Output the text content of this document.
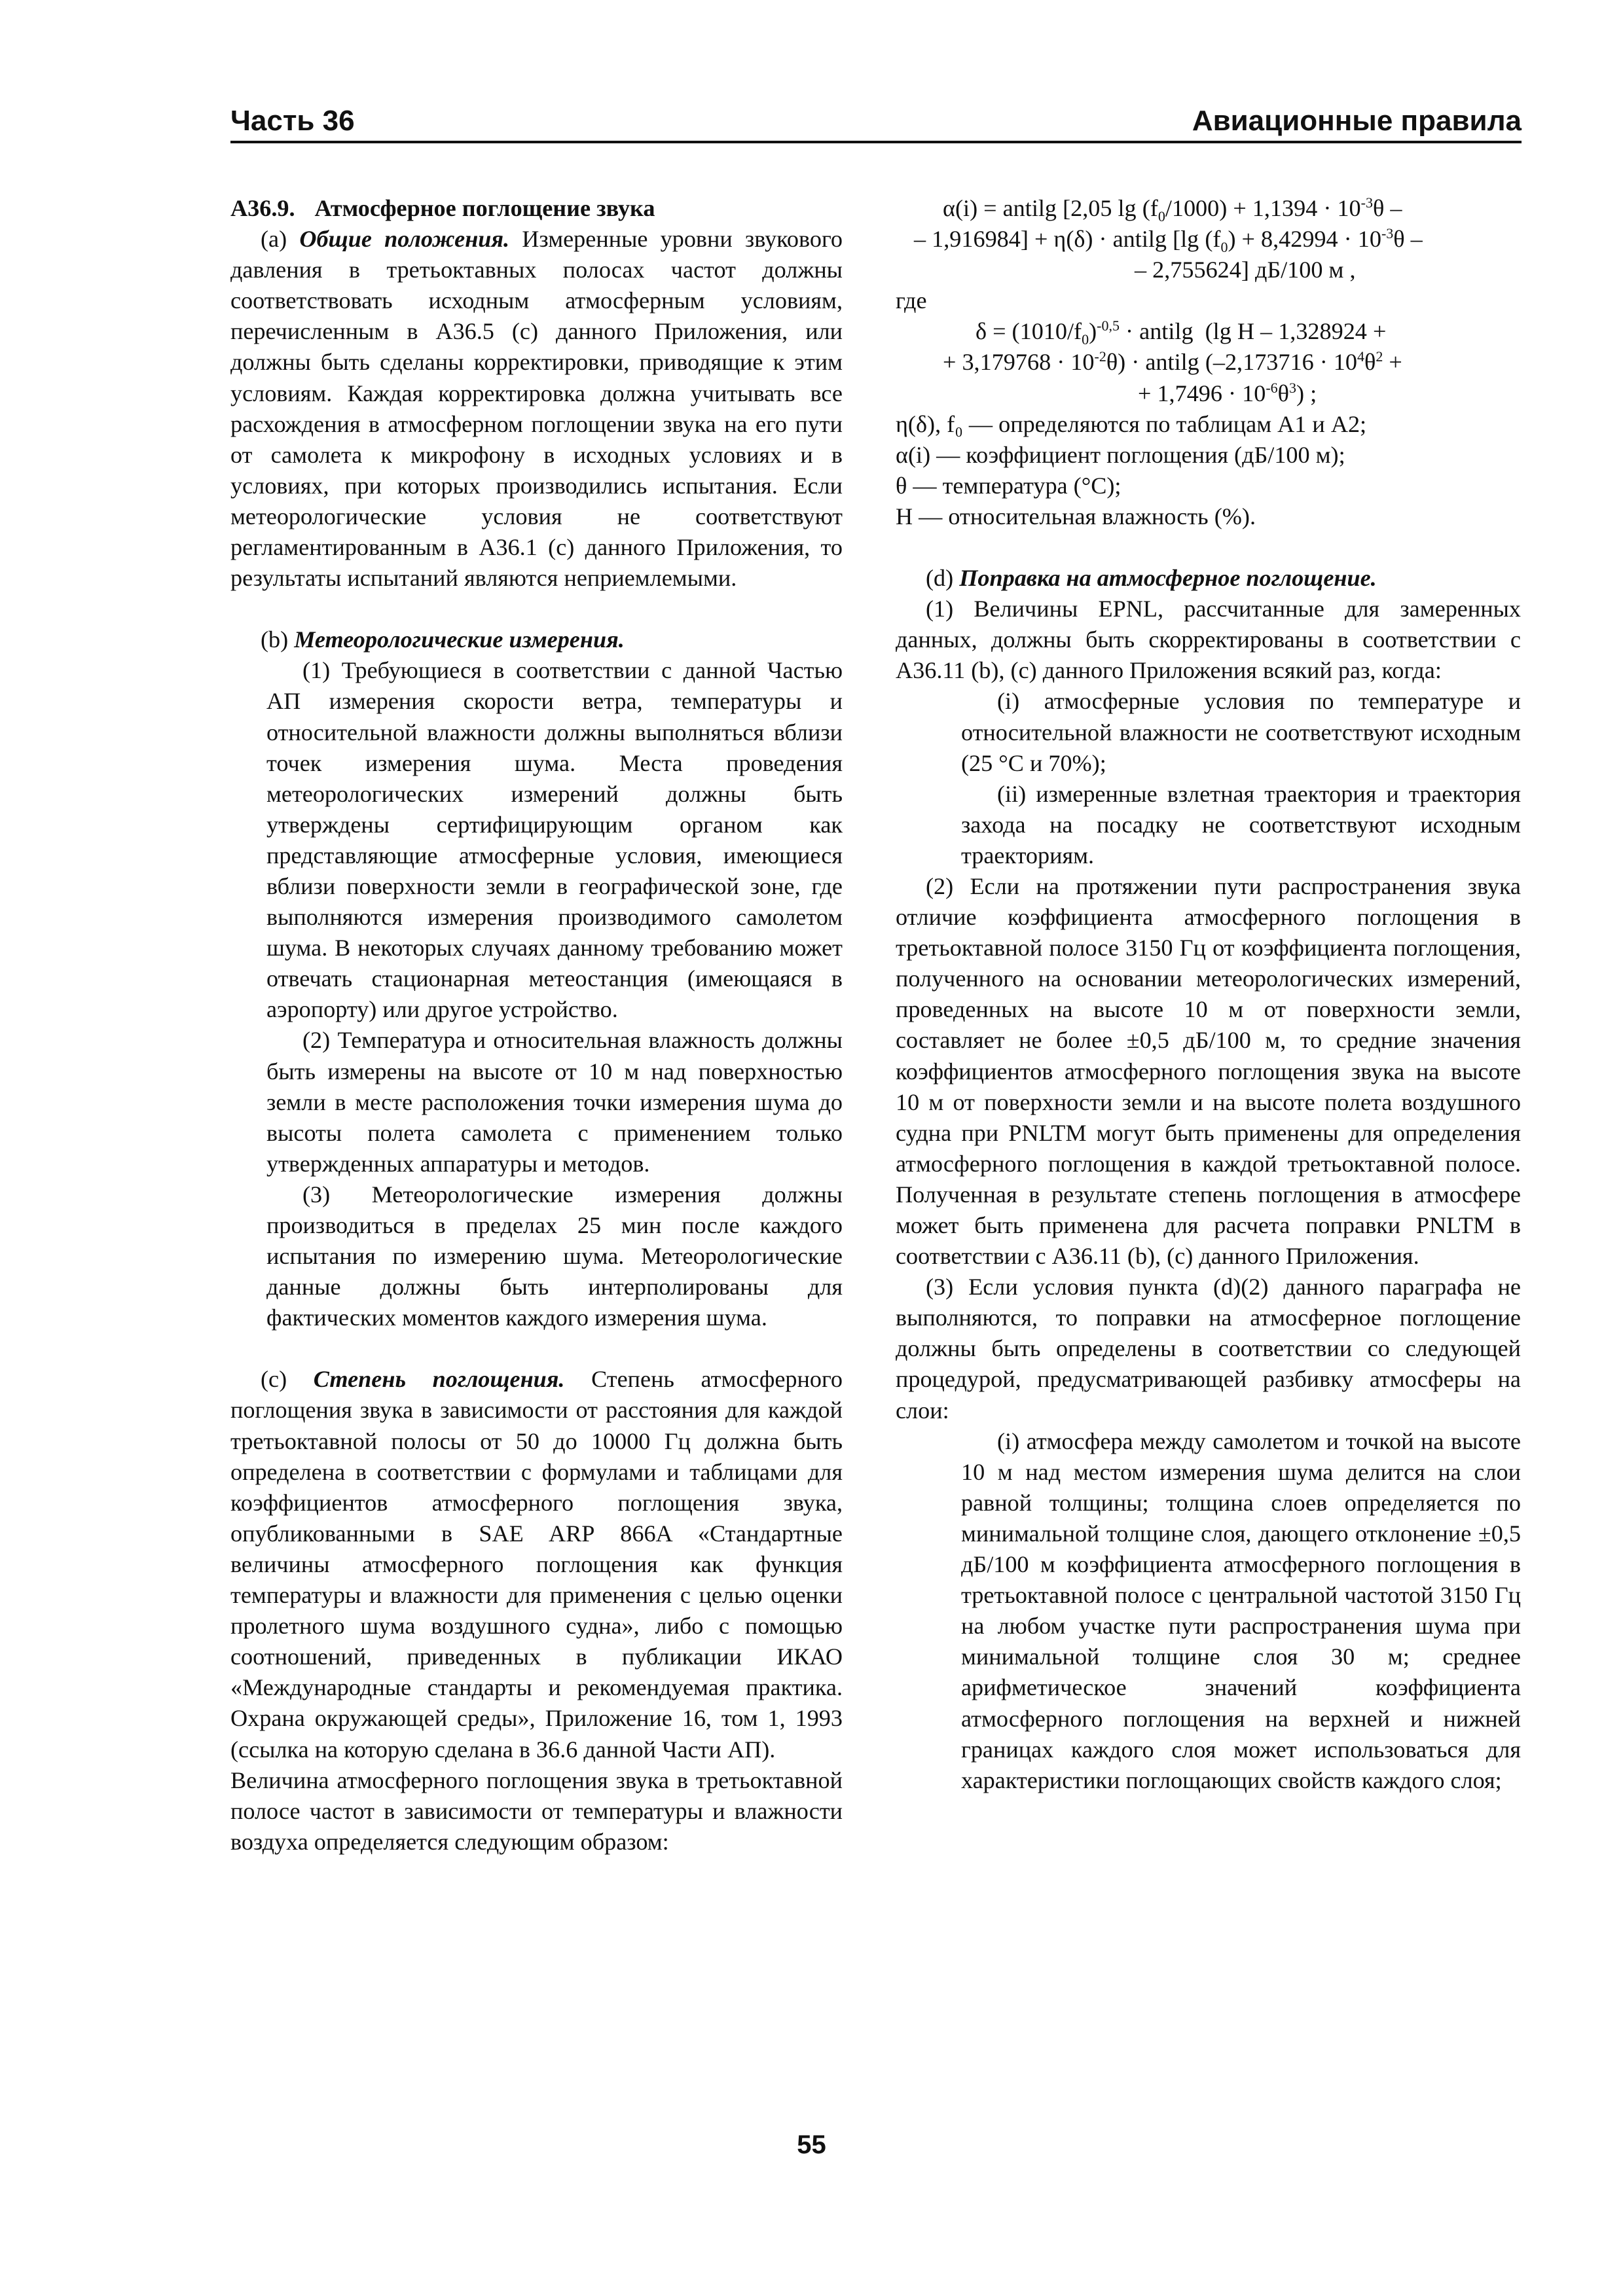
Часть 36	Авиационные правила

A36.9. Атмосферное поглощение звука

(a) Общие положения. Измеренные уровни звукового давления в третьоктавных полосах частот должны соответствовать исходным атмосферным условиям, перечисленным в A36.5 (с) данного Приложения, или должны быть сделаны корректировки, приводящие к этим условиям. Каждая корректировка должна учитывать все расхождения в атмосферном поглощении звука на его пути от самолета к микрофону в исходных условиях и в условиях, при которых производились испытания. Если метеорологические условия не соответствуют регламентированным в A36.1 (с) данного Приложения, то результаты испытаний являются неприемлемыми.

(b) Метеорологические измерения.

(1) Требующиеся в соответствии с данной Частью АП измерения скорости ветра, температуры и относительной влажности должны выполняться вблизи точек измерения шума. Места проведения метеорологических измерений должны быть утверждены сертифицирующим органом как представляющие атмосферные условия, имеющиеся вблизи поверхности земли в географической зоне, где выполняются измерения производимого самолетом шума. В некоторых случаях данному требованию может отвечать стационарная метеостанция (имеющаяся в аэропорту) или другое устройство.

(2) Температура и относительная влажность должны быть измерены на высоте от 10 м над поверхностью земли в месте расположения точки измерения шума до высоты полета самолета с применением только утвержденных аппаратуры и методов.

(3) Метеорологические измерения должны производиться в пределах 25 мин после каждого испытания по измерению шума. Метеорологические данные должны быть интерполированы для фактических моментов каждого измерения шума.

(с) Степень поглощения. Степень атмосферного поглощения звука в зависимости от расстояния для каждой третьоктавной полосы от 50 до 10000 Гц должна быть определена в соответствии с формулами и таблицами для коэффициентов атмосферного поглощения звука, опубликованными в SAE ARP 866A «Стандартные величины атмосферного поглощения как функция температуры и влажности для применения с целью оценки пролетного шума воздушного судна», либо с помощью соотношений, приведенных в публикации ИКАО «Международные стандарты и рекомендуемая практика. Охрана окружающей среды», Приложение 16, том 1, 1993 (ссылка на которую сделана в 36.6 данной Части АП).

Величина атмосферного поглощения звука в третьоктавной полосе частот в зависимости от температуры и влажности воздуха определяется следующим образом:

α(i) = antilg [2,05 $\lg (f_0/1000) + 1,1394 \cdot 10^{-3}\theta$ –

– 1,916984] + η(δ) · antilg [lg $(f_0) + 8,42994 \cdot 10^{-3}\theta$ –

– 2,755624] дБ/100 м ,

где

$\delta = (1010/f_0)^{-0,5}$ · antilg  (lg H – 1,328924 +

+ $3,179768 \cdot 10^{-2}\theta$) · antilg ($-2,173716 \cdot 10^4\theta^2$ +

+ $1,7496 \cdot 10^{-6}\theta^3$) ;

η(δ), f₀ — определяются по таблицам A1 и A2;

α(i) — коэффициент поглощения (дБ/100 м);

θ — температура (°С);

H — относительная влажность (%).

(d) Поправка на атмосферное поглощение.

(1) Величины EPNL, рассчитанные для замеренных данных, должны быть скорректированы в соответствии с A36.11 (b), (с) данного Приложения всякий раз, когда:

(i) атмосферные условия по температуре и относительной влажности не соответствуют исходным (25 °С и 70%);

(ii) измеренные взлетная траектория и траектория захода на посадку не соответствуют исходным траекториям.

(2) Если на протяжении пути распространения звука отличие коэффициента атмосферного поглощения в третьоктавной полосе 3150 Гц от коэффициента поглощения, полученного на основании метеорологических измерений, проведенных на высоте 10 м от поверхности земли, составляет не более ±0,5 дБ/100 м, то средние значения коэффициентов атмосферного поглощения звука на высоте 10 м от поверхности земли и на высоте полета воздушного судна при PNLTM могут быть применены для определения атмосферного поглощения в каждой третьоктавной полосе. Полученная в результате степень поглощения в атмосфере может быть применена для расчета поправки PNLTM в соответствии с A36.11 (b), (с) данного Приложения.

(3) Если условия пункта (d)(2) данного параграфа не выполняются, то поправки на атмосферное поглощение должны быть определены в соответствии со следующей процедурой, предусматривающей разбивку атмосферы на слои:

(i) атмосфера между самолетом и точкой на высоте 10 м над местом измерения шума делится на слои равной толщины; толщина слоев определяется по минимальной толщине слоя, дающего отклонение ±0,5 дБ/100 м коэффициента атмосферного поглощения в третьоктавной полосе с центральной частотой 3150 Гц на любом участке пути распространения шума при минимальной толщине слоя 30 м; среднее арифметическое значений коэффициента атмосферного поглощения на верхней и нижней границах каждого слоя может использоваться для характеристики поглощающих свойств каждого слоя;

55
